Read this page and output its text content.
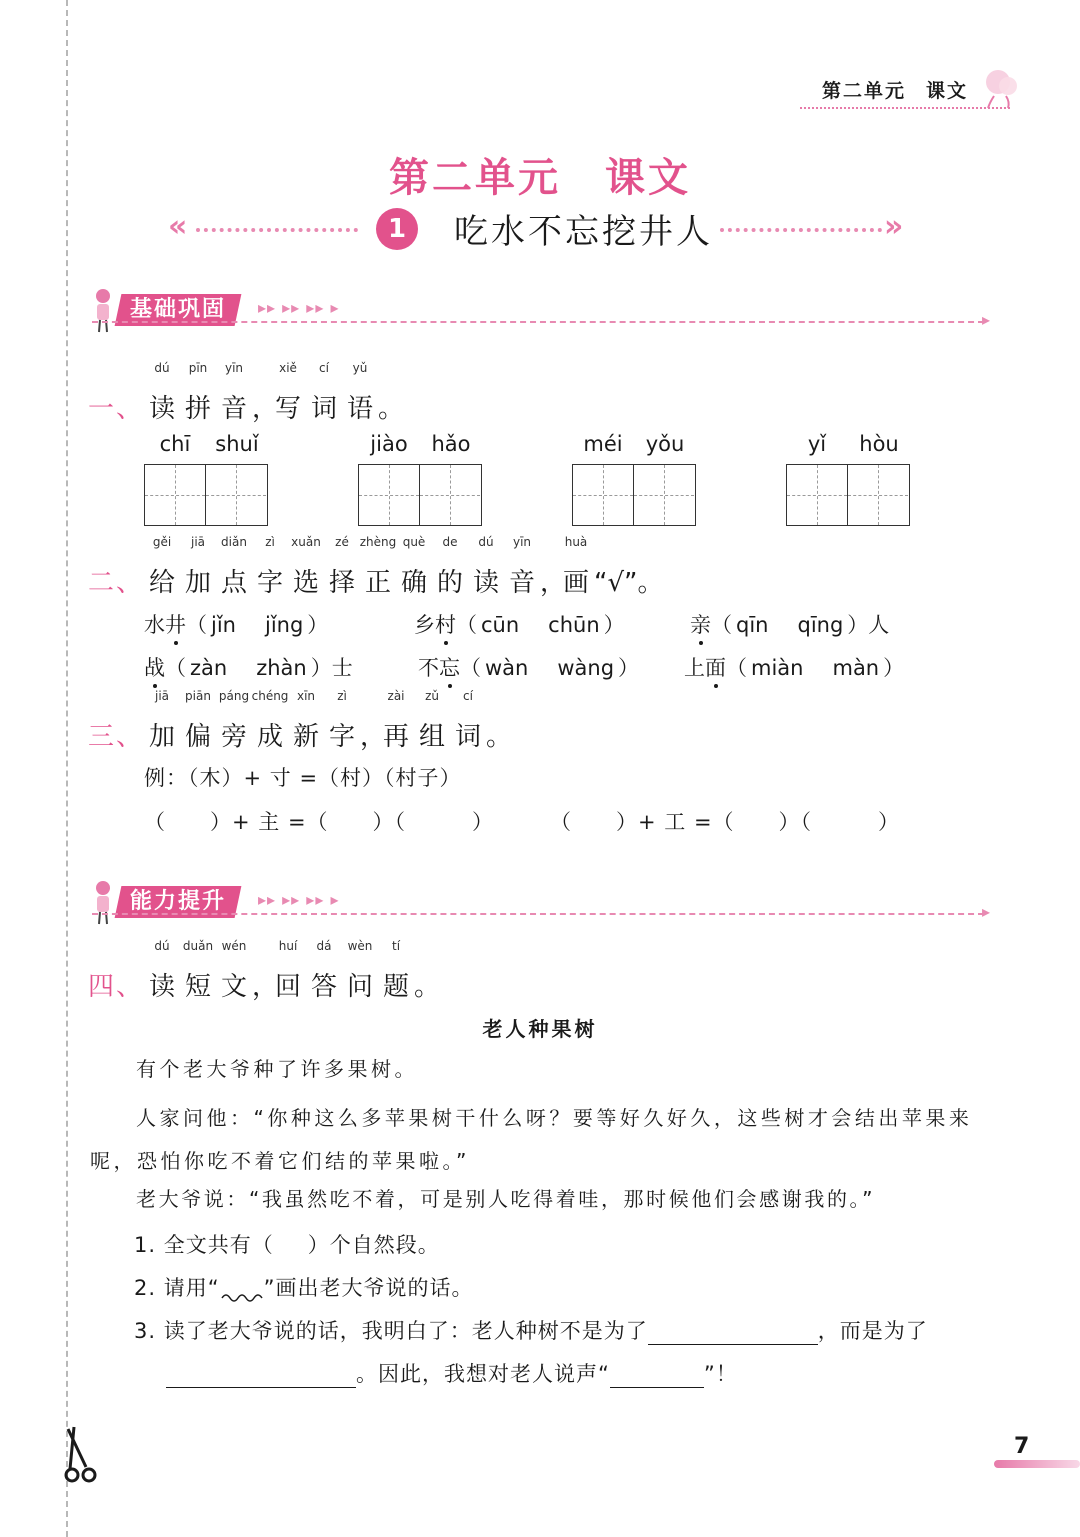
第二单元 课文
第二单元 课文
«	1	吃水不忘挖井人	»
基础巩固	▸▸ ▸▸ ▸▸ ▸
▸
一、
dú
读
pīn
拼
yīn
音 ，
xiě
写
cí
词
yǔ
语 。
chī	shuǐ	jiào	hǎo	méi	yǒu	yǐ	hòu
二、
gěi
给
jiā
加
diǎn
点
zì
字
xuǎn
选
zé
择
zhèng
正
què
确
de
的
dú
读
yīn
音 ，
huà
画 “√”。
水井（ jǐn　 jǐng ）	乡村（ cūn　 chūn ）	亲（ qīn　 qīng ）人
战（ zàn　 zhàn ）士	不忘（ wàn　 wàng ） 上面（ miàn　 màn ）
三、
jiā
加
piān
偏
páng
旁
chéng
成
xīn
新
zì
字 ，
zài
再
zǔ
组
cí
词 。
例：（木）+ 寸 =（村）（村子）
（　　）+ 主 =（　　）（　　　）	（　　）+ 工 =（　　）（　　　）
能力提升	▸▸ ▸▸ ▸▸ ▸
▸
四、
dú
读
duǎn
短
wén
文 ，
huí
回
dá
答
wèn
问
tí
题 。
老人种果树
有个老大爷种了许多果树。
人家问他：“你种这么多苹果树干什么呀？要等好久好久，这些树才会结出苹果来呢，恐怕你吃不着它们结的苹果啦。”
老大爷说：“我虽然吃不着，可是别人吃得着哇，那时候他们会感谢我的。”
1. 全文共有（ ）个自然段。
2. 请用“ ”画出老大爷说的话。
3. 读了老大爷说的话，我明白了：老人种树不是为了	，而是为了
。因此，我想对老人说声“	”！
7
